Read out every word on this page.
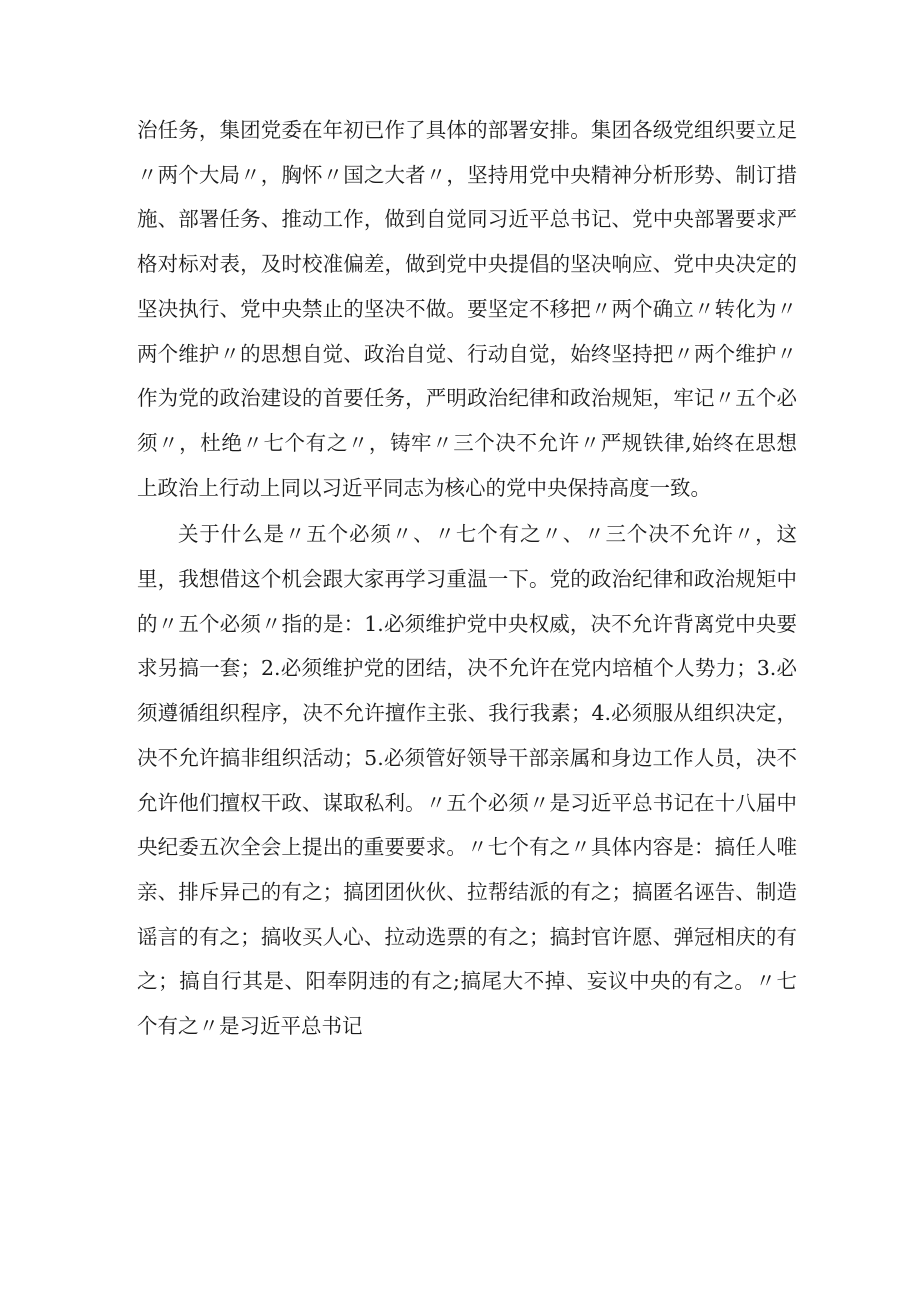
治任务，集团党委在年初已作了具体的部署安排。集团各级党组织要立足〃两个大局〃，胸怀〃国之大者〃，坚持用党中央精神分析形势、制订措施、部署任务、推动工作，做到自觉同习近平总书记、党中央部署要求严格对标对表，及时校准偏差，做到党中央提倡的坚决响应、党中央决定的坚决执行、党中央禁止的坚决不做。要坚定不移把〃两个确立〃转化为〃两个维护〃的思想自觉、政治自觉、行动自觉，始终坚持把〃两个维护〃作为党的政治建设的首要任务，严明政治纪律和政治规矩，牢记〃五个必须〃，杜绝〃七个有之〃，铸牢〃三个决不允许〃严规铁律,始终在思想上政治上行动上同以习近平同志为核心的党中央保持高度一致。

关于什么是〃五个必须〃、〃七个有之〃、〃三个决不允许〃，这里，我想借这个机会跟大家再学习重温一下。党的政治纪律和政治规矩中的〃五个必须〃指的是：1.必须维护党中央权威，决不允许背离党中央要求另搞一套；2.必须维护党的团结，决不允许在党内培植个人势力；3.必须遵循组织程序，决不允许擅作主张、我行我素；4.必须服从组织决定，决不允许搞非组织活动；5.必须管好领导干部亲属和身边工作人员，决不允许他们擅权干政、谋取私利。〃五个必须〃是习近平总书记在十八届中央纪委五次全会上提出的重要要求。〃七个有之〃具体内容是：搞任人唯亲、排斥异己的有之；搞团团伙伙、拉帮结派的有之；搞匿名诬告、制造谣言的有之；搞收买人心、拉动选票的有之；搞封官许愿、弹冠相庆的有之；搞自行其是、阳奉阴违的有之;搞尾大不掉、妄议中央的有之。〃七个有之〃是习近平总书记
